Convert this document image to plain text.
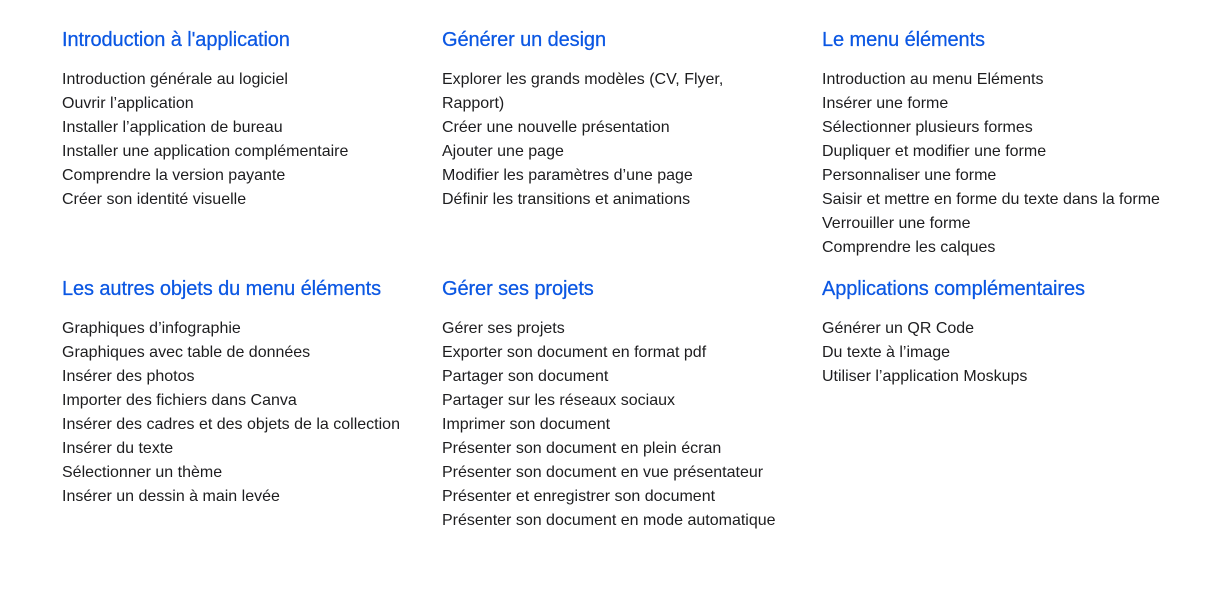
Introduction à l'application
Introduction générale au logiciel
Ouvrir l’application
Installer l’application de bureau
Installer une application complémentaire
Comprendre la version payante
Créer son identité visuelle
Générer un design
Explorer les grands modèles (CV, Flyer, Rapport)
Créer une nouvelle présentation
Ajouter une page
Modifier les paramètres d’une page
Définir les transitions et animations
Le menu éléments
Introduction au menu Eléments
Insérer une forme
Sélectionner plusieurs formes
Dupliquer et modifier une forme
Personnaliser une forme
Saisir et mettre en forme du texte dans la forme
Verrouiller une forme
Comprendre les calques
Les autres objets du menu éléments
Graphiques d’infographie
Graphiques avec table de données
Insérer des photos
Importer des fichiers dans Canva
Insérer des cadres et des objets de la collection
Insérer du texte
Sélectionner un thème
Insérer un dessin à main levée
Gérer ses projets
Gérer ses projets
Exporter son document en format pdf
Partager son document
Partager sur les réseaux sociaux
Imprimer son document
Présenter son document en plein écran
Présenter son document en vue présentateur
Présenter et enregistrer son document
Présenter son document en mode automatique
Applications complémentaires
Générer un QR Code
Du texte à l’image
Utiliser l’application Moskups
